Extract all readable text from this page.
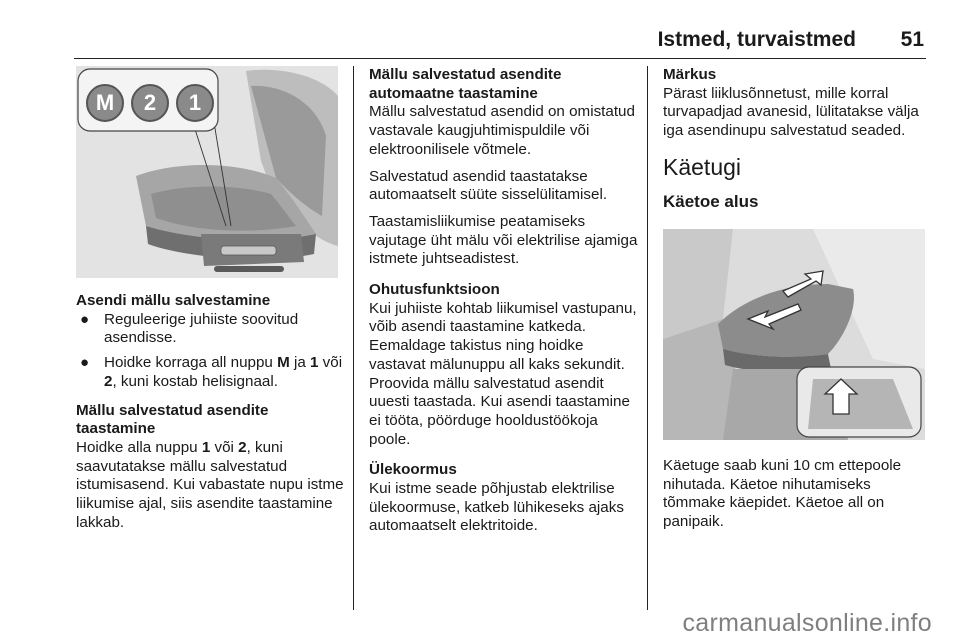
Istmed, turvaistmed 51
M	2	1

Asendi mällu salvestamine

● Reguleerige juhiiste soovitud asendisse.
● Hoidke korraga all nuppu M ja 1 või 2, kuni kostab helisignaal.

Mällu salvestatud asendite taastamine

Hoidke alla nuppu 1 või 2, kuni saavutatakse mällu salvestatud istumisasend. Kui vabastate nupu istme liikumise ajal, siis asendite taastamine lakkab.

Mällu salvestatud asendite automaatne taastamine

Mällu salvestatud asendid on omistatud vastavale kaugjuhtimispuldile või elektroonilisele võtmele.

Salvestatud asendid taastatakse automaatselt süüte sisselülitamisel.

Taastamisliikumise peatamiseks vajutage üht mälu või elektrilise ajamiga istmete juhtseadistest.

Ohutusfunktsioon

Kui juhiiste kohtab liikumisel vastupanu, võib asendi taastamine katkeda. Eemaldage takistus ning hoidke vastavat mälunuppu all kaks sekundit. Proovida mällu salvestatud asendit uuesti taastada. Kui asendi taastamine ei tööta, pöörduge hooldustöökoja poole.

Ülekoormus

Kui istme seade põhjustab elektrilise ülekoormuse, katkeb lühikeseks ajaks automaatselt elektritoide.

Märkus

Pärast liiklusõnnetust, mille korral turvapadjad avanesid, lülitatakse välja iga asendinupu salvestatud seaded.

Käetugi

Käetoe alus

Käetuge saab kuni 10 cm ettepoole nihutada. Käetoe nihutamiseks tõmmake käepidet. Käetoe all on panipaik.

carmanualsonline.info
